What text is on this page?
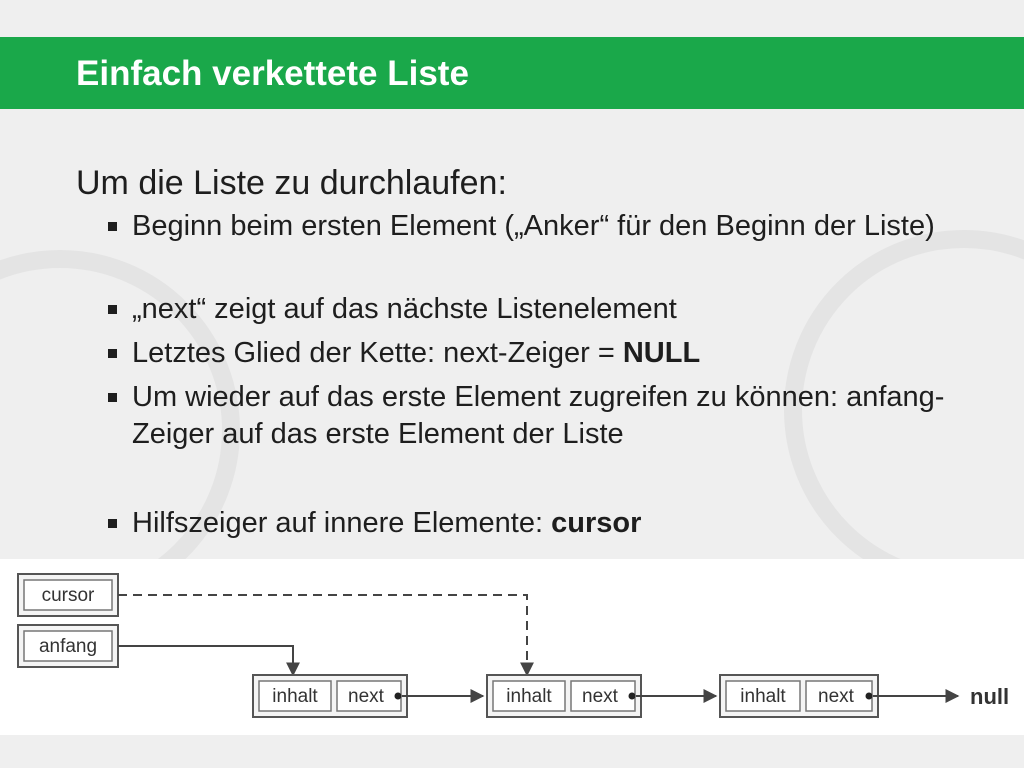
Einfach verkettete Liste
Um die Liste zu durchlaufen:
Beginn beim ersten Element („Anker“ für den Beginn der Liste)
„next“ zeigt auf das nächste Listenelement
Letztes Glied der Kette: next-Zeiger = NULL
Um wieder auf das erste Element zugreifen zu können: anfang-Zeiger auf das erste Element der Liste
Hilfszeiger auf innere Elemente: cursor
cursor
anfang
inhalt next	inhalt next	inhalt next	null
